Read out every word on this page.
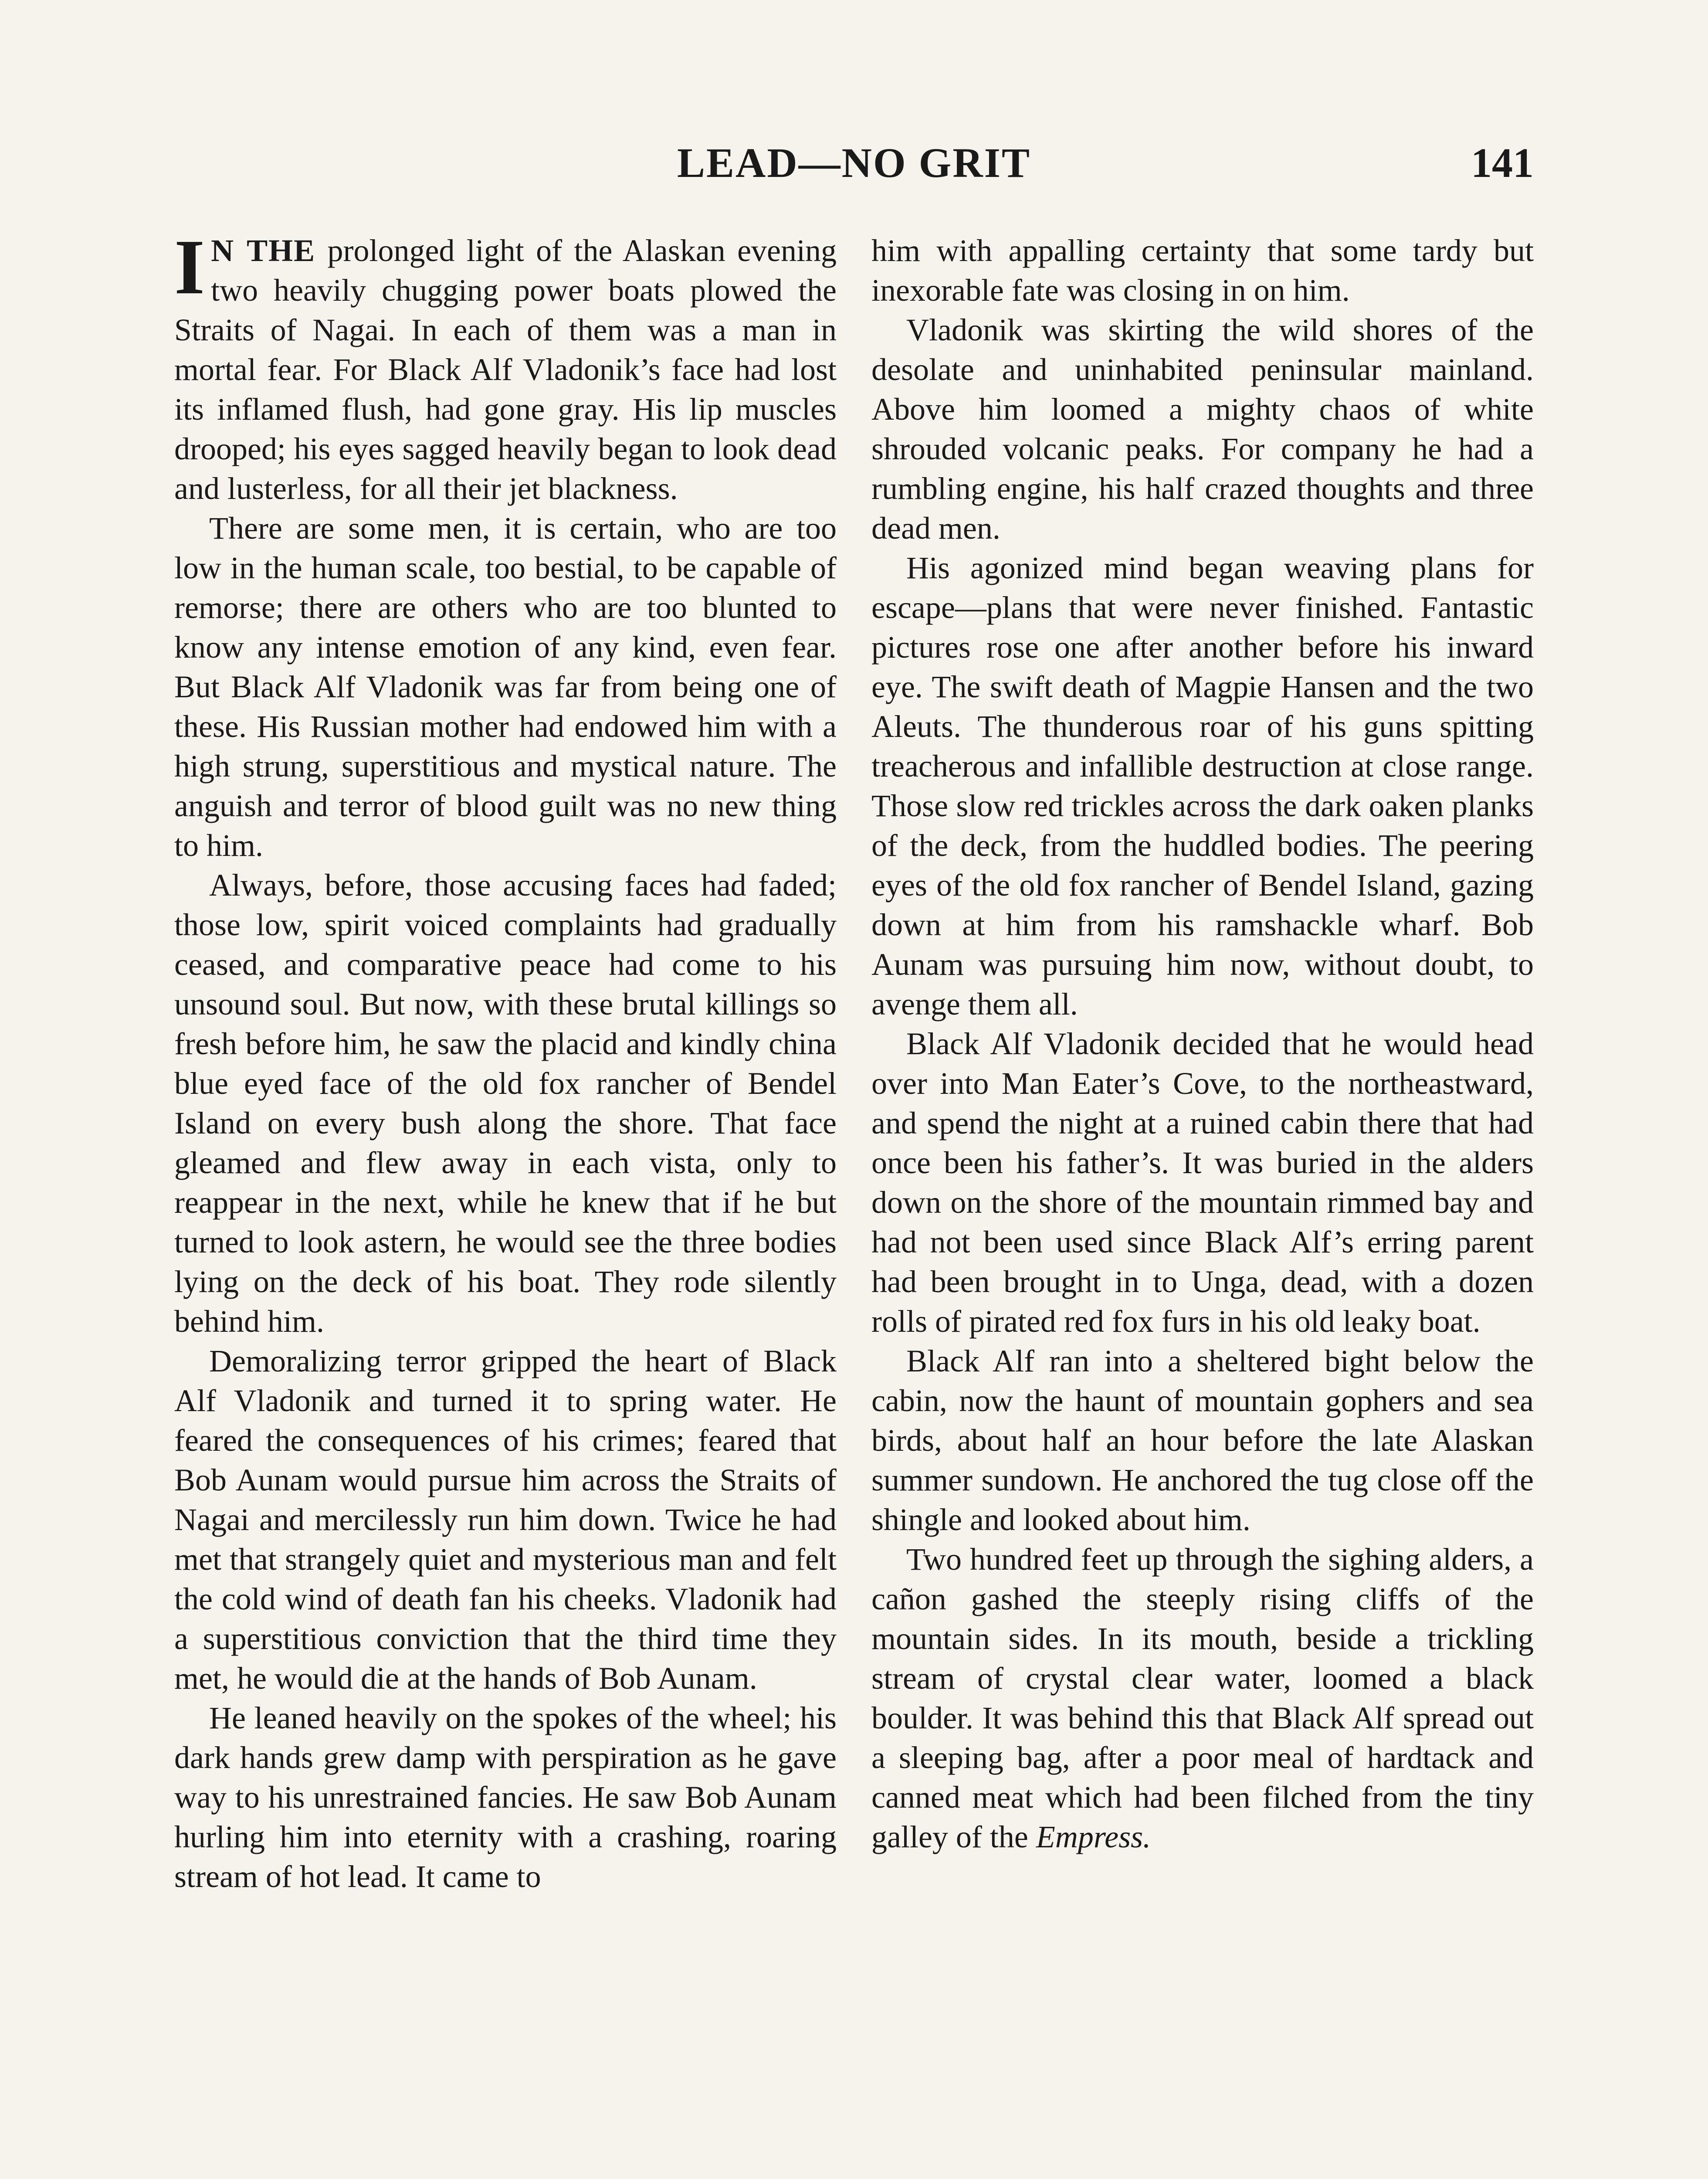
LEAD—NO GRIT	141

I N THE prolonged light of the Alaskan evening two heavily chugging power boats plowed the Straits of Nagai. In each of them was a man in mortal fear. For Black Alf Vladonik’s face had lost its inflamed flush, had gone gray. His lip muscles drooped; his eyes sagged heavily began to look dead and lusterless, for all their jet blackness.

There are some men, it is certain, who are too low in the human scale, too bestial, to be capable of remorse; there are others who are too blunted to know any intense emotion of any kind, even fear. But Black Alf Vladonik was far from being one of these. His Russian mother had endowed him with a high strung, superstitious and mystical nature. The anguish and terror of blood guilt was no new thing to him.

Always, before, those accusing faces had faded; those low, spirit voiced complaints had gradually ceased, and comparative peace had come to his unsound soul. But now, with these brutal killings so fresh before him, he saw the placid and kindly china blue eyed face of the old fox rancher of Bendel Island on every bush along the shore. That face gleamed and flew away in each vista, only to reappear in the next, while he knew that if he but turned to look astern, he would see the three bodies lying on the deck of his boat. They rode silently behind him.

Demoralizing terror gripped the heart of Black Alf Vladonik and turned it to spring water. He feared the consequences of his crimes; feared that Bob Aunam would pursue him across the Straits of Nagai and mercilessly run him down. Twice he had met that strangely quiet and mysterious man and felt the cold wind of death fan his cheeks. Vladonik had a superstitious conviction that the third time they met, he would die at the hands of Bob Aunam.

He leaned heavily on the spokes of the wheel; his dark hands grew damp with perspiration as he gave way to his unrestrained fancies. He saw Bob Aunam hurling him into eternity with a crashing, roaring stream of hot lead. It came to

him with appalling certainty that some tardy but inexorable fate was closing in on him.

Vladonik was skirting the wild shores of the desolate and uninhabited peninsular mainland. Above him loomed a mighty chaos of white shrouded volcanic peaks. For company he had a rumbling engine, his half crazed thoughts and three dead men.

His agonized mind began weaving plans for escape—plans that were never finished. Fantastic pictures rose one after another before his inward eye. The swift death of Magpie Hansen and the two Aleuts. The thunderous roar of his guns spitting treacherous and infallible destruction at close range. Those slow red trickles across the dark oaken planks of the deck, from the huddled bodies. The peering eyes of the old fox rancher of Bendel Island, gazing down at him from his ramshackle wharf. Bob Aunam was pursuing him now, without doubt, to avenge them all.

Black Alf Vladonik decided that he would head over into Man Eater’s Cove, to the northeastward, and spend the night at a ruined cabin there that had once been his father’s. It was buried in the alders down on the shore of the mountain rimmed bay and had not been used since Black Alf’s erring parent had been brought in to Unga, dead, with a dozen rolls of pirated red fox furs in his old leaky boat.

Black Alf ran into a sheltered bight below the cabin, now the haunt of mountain gophers and sea birds, about half an hour before the late Alaskan summer sundown. He anchored the tug close off the shingle and looked about him.

Two hundred feet up through the sighing alders, a cañon gashed the steeply rising cliffs of the mountain sides. In its mouth, beside a trickling stream of crystal clear water, loomed a black boulder. It was behind this that Black Alf spread out a sleeping bag, after a poor meal of hardtack and canned meat which had been filched from the tiny galley of the Empress.
